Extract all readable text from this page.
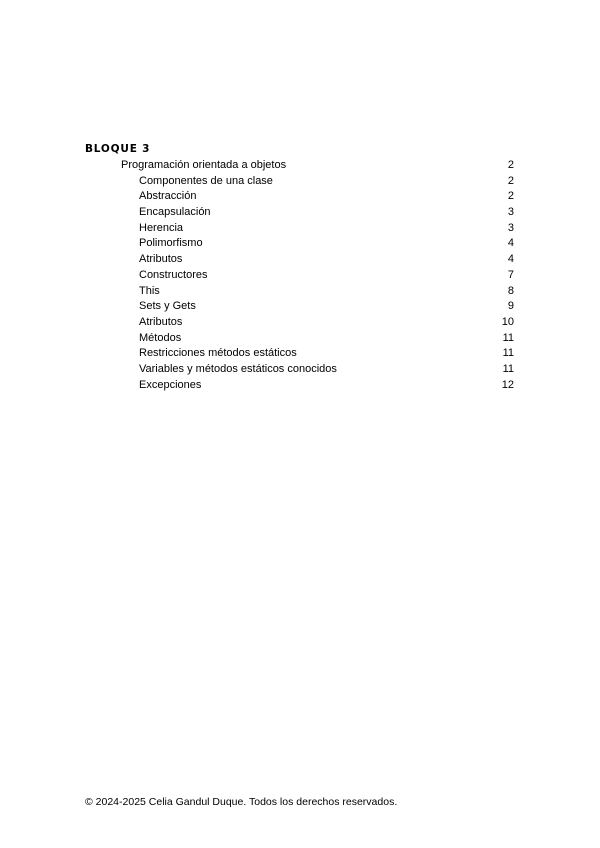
BLOQUE 3
Programación orientada a objetos	2
Componentes de una clase	2
Abstracción	2
Encapsulación	3
Herencia	3
Polimorfismo	4
Atributos	4
Constructores	7
This	8
Sets y Gets	9
Atributos	10
Métodos	11
Restricciones métodos estáticos	11
Variables y métodos estáticos conocidos	11
Excepciones	12
© 2024-2025 Celia Gandul Duque. Todos los derechos reservados.
